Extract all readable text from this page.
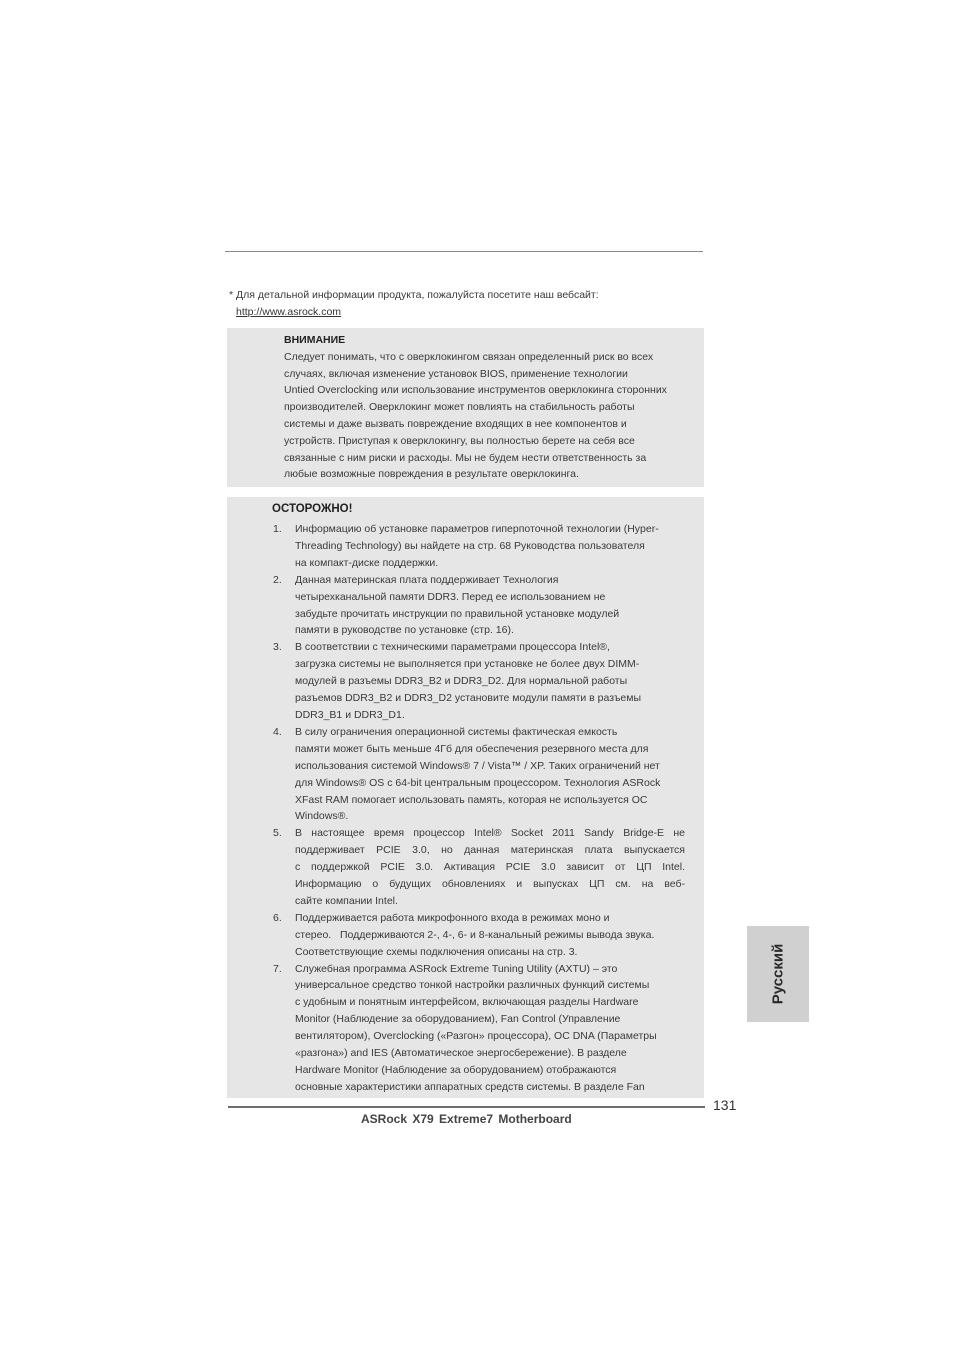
* Для детальной информации продукта, пожалуйста посетите наш вебсайт:
http://www.asrock.com
ВНИМАНИЕ
Следует понимать, что с оверклокингом связан определенный риск во всех
случаях, включая изменение установок BIOS, применение технологии
Untied Overclocking или использование инструментов оверклокинга сторонних
производителей. Оверклокинг может повлиять на стабильность работы
системы и даже вызвать повреждение входящих в нее компонентов и
устройств. Приступая к оверклокингу, вы полностью берете на себя все
связанные с ним риски и расходы. Мы не будем нести ответственность за
любые возможные повреждения в результате оверклокинга.
ОСТОРОЖНО!
1.	Информацию об установке параметров гиперпоточной технологии (Hyper-
Threading Technology) вы найдете на стр. 68 Руководства пользователя
на компакт-диске поддержки.
2.	Данная материнская плата поддерживает Технология
четырехканальной памяти DDR3. Перед ее использованием не
забудьте прочитать инструкции по правильной установке модулей
памяти в руководстве по установке (стр. 16).
3.	В соответствии с техническими параметрами процессора Intel®,
загрузка системы не выполняется при установке не более двух DIMM-
модулей в разъемы DDR3_B2 и DDR3_D2. Для нормальной работы
разъемов DDR3_B2 и DDR3_D2 установите модули памяти в разъемы
DDR3_B1 и DDR3_D1.
4.	В силу ограничения операционной системы фактическая емкость
памяти может быть меньше 4Гб для обеспечения резервного места для
использования системой Windows® 7 / Vista™ / XP. Таких ограничений нет
для Windows® OS с 64-bit центральным процессором. Технология ASRock
XFast RAM помогает использовать память, которая не используется ОС
Windows®.
5.	В настоящее время процессор Intel® Socket 2011 Sandy Bridge-E не
поддерживает PCIE 3.0, но данная материнская плата выпускается
с поддержкой PCIE 3.0. Активация PCIE 3.0 зависит от ЦП Intel.
Информацию о будущих обновлениях и выпусках ЦП см. на веб-
сайте компании Intel.
6.	Поддерживается работа микрофонного входа в режимах моно и
стерео.   Поддерживаются 2-, 4-, 6- и 8-канальный режимы вывода звука.
Соответствующие схемы подключения описаны на стр. 3.
7.	Служебная программа ASRock Extreme Tuning Utility (AXTU) – это
универсальное средство тонкой настройки различных функций системы
с удобным и понятным интерфейсом, включающая разделы Hardware
Monitor (Наблюдение за оборудованием), Fan Control (Управление
вентилятором), Overclocking («Разгон» процессора), OC DNA (Параметры
«разгона») and IES (Автоматическое энергосбережение). В разделе
Hardware Monitor (Наблюдение за оборудованием) отображаются
основные характеристики аппаратных средств системы. В разделе Fan
Русский
131
ASRock X79 Extreme7 Motherboard
